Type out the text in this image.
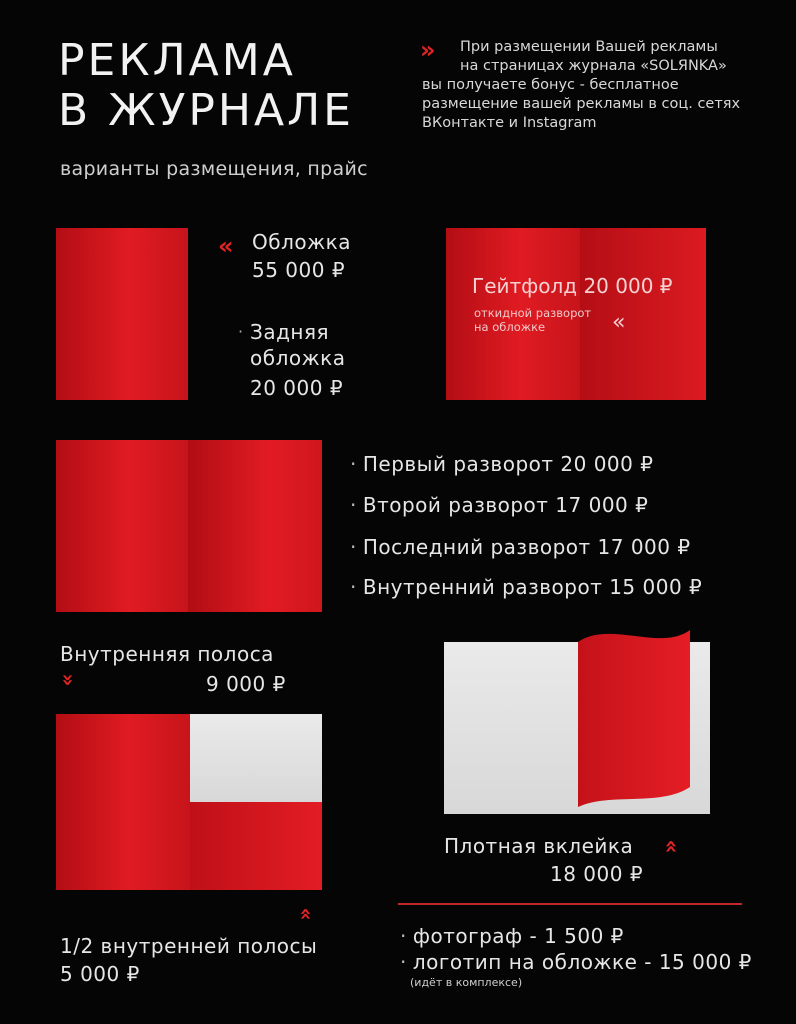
РЕКЛАМА
В ЖУРНАЛЕ
варианты размещения, прайс
»	При размещении Вашей рекламы
на страницах журнала «SOLЯNKA»
вы получаете бонус - бесплатное
размещение вашей рекламы в соц. сетях
ВКонтакте и Instagram
« Обложка
55 000 ₽
· Задняя
обложка
20 000 ₽
Гейтфолд 20 000 ₽
откидной разворот
на обложке	«
· Первый разворот 20 000 ₽
· Второй разворот 17 000 ₽
· Последний разворот 17 000 ₽
· Внутренний разворот 15 000 ₽
Внутренняя полоса
9 000 ₽
»
Плотная вклейка »
18 000 ₽
»
1/2 внутренней полосы
5 000 ₽
· фотограф - 1 500 ₽
· логотип на обложке - 15 000 ₽
(идёт в комплексе)
